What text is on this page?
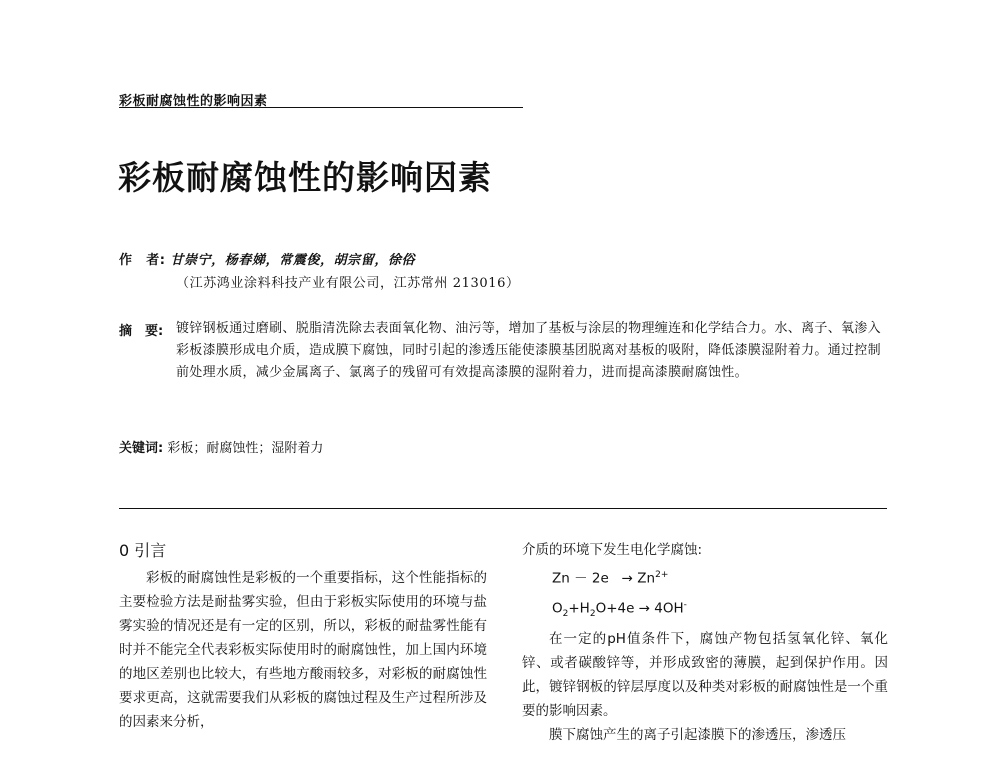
彩板耐腐蚀性的影响因素
彩板耐腐蚀性的影响因素
作　者: 甘崇宁，杨春娣，常震俊，胡宗留，徐俗
（江苏鸿业涂料科技产业有限公司，江苏常州 213016）
摘　要: 镀锌钢板通过磨刷、脱脂清洗除去表面氧化物、油污等，增加了基板与涂层的物理缠连和化学结合力。水、离子、氧渗入彩板漆膜形成电介质，造成膜下腐蚀，同时引起的渗透压能使漆膜基团脱离对基板的吸附，降低漆膜湿附着力。通过控制前处理水质，减少金属离子、氯离子的残留可有效提高漆膜的湿附着力，进而提高漆膜耐腐蚀性。

关键词: 彩板；耐腐蚀性；湿附着力
0 引言

彩板的耐腐蚀性是彩板的一个重要指标，这个性能指标的主要检验方法是耐盐雾实验，但由于彩板实际使用的环境与盐雾实验的情况还是有一定的区别，所以，彩板的耐盐雾性能有时并不能完全代表彩板实际使用时的耐腐蚀性，加上国内环境的地区差别也比较大，有些地方酸雨较多，对彩板的耐腐蚀性要求更高，这就需要我们从彩板的腐蚀过程及生产过程所涉及的因素来分析，

介质的环境下发生电化学腐蚀:

$Zn - 2e \to Zn^{2+}$

$O_2+H_2O+4e \to 4OH^-$

在一定的pH值条件下，腐蚀产物包括氢氧化锌、氧化锌、或者碳酸锌等，并形成致密的薄膜，起到保护作用。因此，镀锌钢板的锌层厚度以及种类对彩板的耐腐蚀性是一个重要的影响因素。

膜下腐蚀产生的离子引起漆膜下的渗透压，渗透压
